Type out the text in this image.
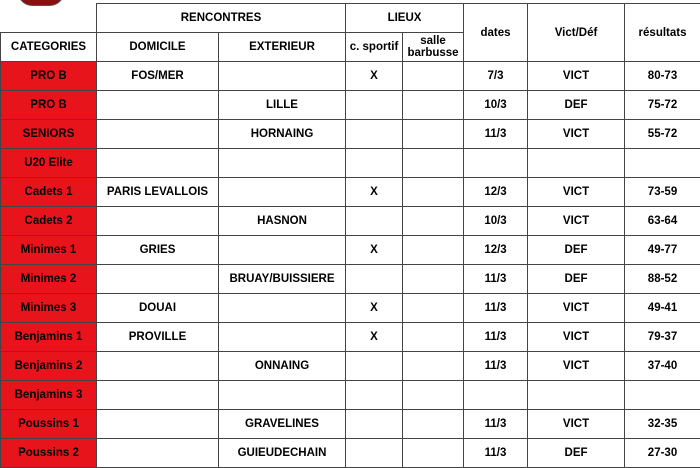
	RENCONTRES		LIEUX		dates	Vict/Déf	résultats
CATEGORIES	DOMICILE	EXTERIEUR	c. sportif	salle barbusse			
PRO B	FOS/MER		X		7/3	VICT	80-73
PRO B		LILLE			10/3	DEF	75-72
SENIORS		HORNAING			11/3	VICT	55-72
U20 Elite							
Cadets 1	PARIS LEVALLOIS		X		12/3	VICT	73-59
Cadets 2		HASNON			10/3	VICT	63-64
Minimes 1	GRIES		X		12/3	DEF	49-77
Minimes 2		BRUAY/BUISSIERE			11/3	DEF	88-52
Minimes 3	DOUAI		X		11/3	VICT	49-41
Benjamins 1	PROVILLE		X		11/3	VICT	79-37
Benjamins 2		ONNAING			11/3	VICT	37-40
Benjamins 3							
Poussins 1		GRAVELINES			11/3	VICT	32-35
Poussins 2		GUIEUDECHAIN			11/3	DEF	27-30
